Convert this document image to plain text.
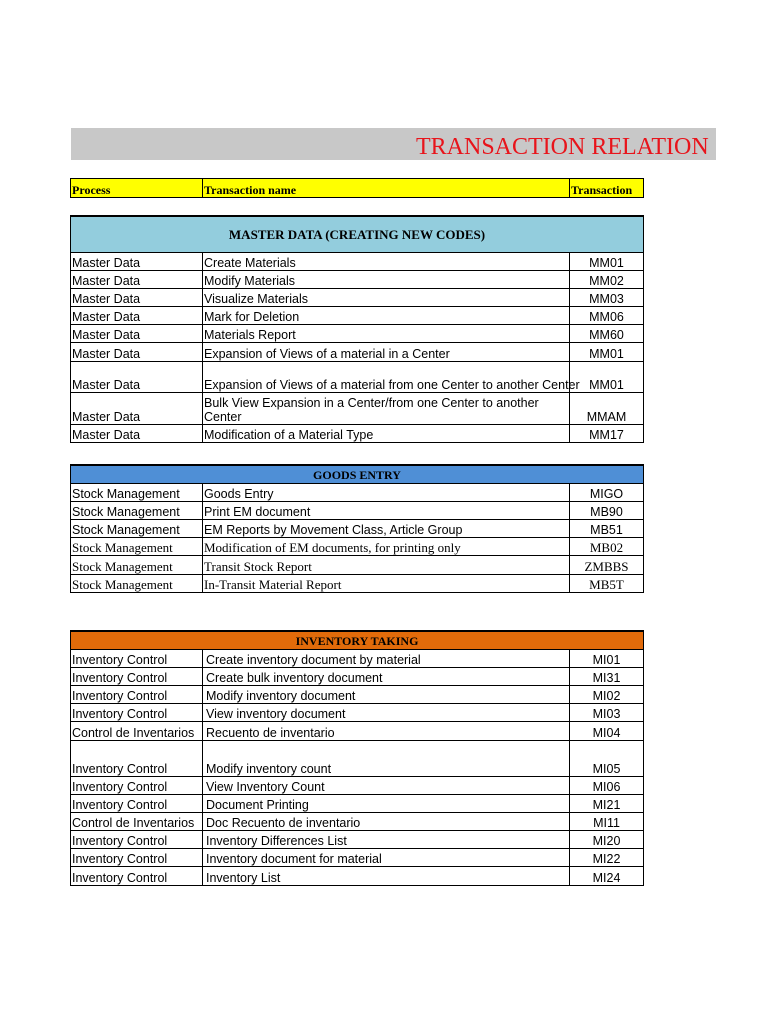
TRANSACTION RELATION
Process	Transaction name	Transaction
MASTER DATA (CREATING NEW CODES)		
Master Data	Create Materials	MM01
Master Data	Modify Materials	MM02
Master Data	Visualize Materials	MM03
Master Data	Mark for Deletion	MM06
Master Data	Materials Report	MM60
Master Data	Expansion of Views of a material in a Center	MM01
Master Data	Expansion of Views of a material from one Center to another Center	MM01
Master Data	Bulk View Expansion in a Center/from one Center to another Center	MMAM
Master Data	Modification of a Material Type	MM17
GOODS ENTRY		
Stock Management	Goods Entry	MIGO
Stock Management	Print EM document	MB90
Stock Management	EM Reports by Movement Class, Article Group	MB51
Stock Management	Modification of EM documents, for printing only	MB02
Stock Management	Transit Stock Report	ZMBBS
Stock Management	In-Transit Material Report	MB5T
INVENTORY TAKING		
Inventory Control	Create inventory document by material	MI01
Inventory Control	Create bulk inventory document	MI31
Inventory Control	Modify inventory document	MI02
Inventory Control	View inventory document	MI03
Control de Inventarios	Recuento de inventario	MI04
Inventory Control	Modify inventory count	MI05
Inventory Control	View Inventory Count	MI06
Inventory Control	Document Printing	MI21
Control de Inventarios	Doc Recuento de inventario	MI11
Inventory Control	Inventory Differences List	MI20
Inventory Control	Inventory document for material	MI22
Inventory Control	Inventory List	MI24
